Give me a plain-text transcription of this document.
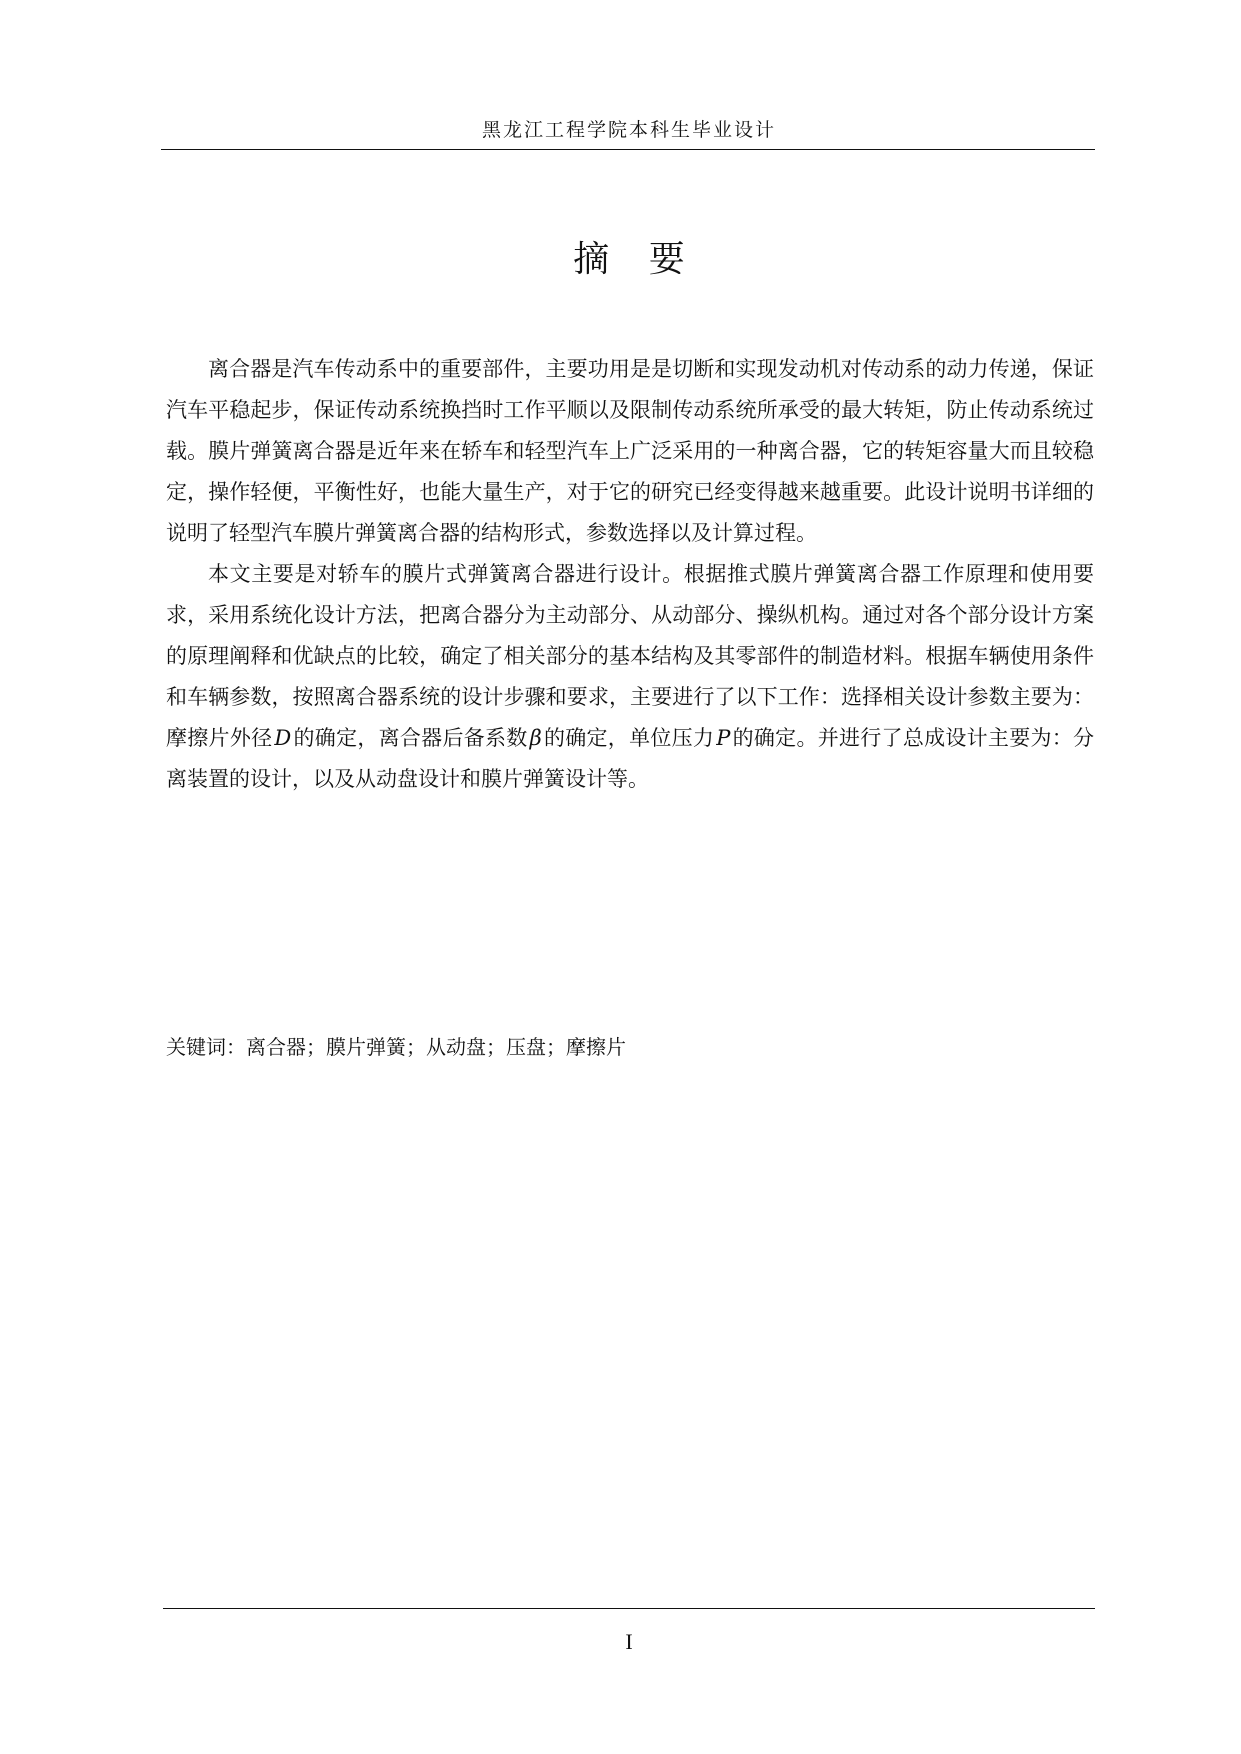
黑龙江工程学院本科生毕业设计
摘 要

离合器是汽车传动系中的重要部件，主要功用是是切断和实现发动机对传动系的动力传递，保证汽车平稳起步，保证传动系统换挡时工作平顺以及限制传动系统所承受的最大转矩，防止传动系统过载。膜片弹簧离合器是近年来在轿车和轻型汽车上广泛采用的一种离合器，它的转矩容量大而且较稳定，操作轻便，平衡性好，也能大量生产，对于它的研究已经变得越来越重要。此设计说明书详细的说明了轻型汽车膜片弹簧离合器的结构形式，参数选择以及计算过程。

本文主要是对轿车的膜片式弹簧离合器进行设计。根据推式膜片弹簧离合器工作原理和使用要求，采用系统化设计方法，把离合器分为主动部分、从动部分、操纵机构。通过对各个部分设计方案的原理阐释和优缺点的比较，确定了相关部分的基本结构及其零部件的制造材料。根据车辆使用条件和车辆参数，按照离合器系统的设计步骤和要求，主要进行了以下工作：选择相关设计参数主要为：摩擦片外径D的确定，离合器后备系数β的确定，单位压力P的确定。并进行了总成设计主要为：分离装置的设计，以及从动盘设计和膜片弹簧设计等。

关键词：离合器；膜片弹簧；从动盘；压盘；摩擦片
I
